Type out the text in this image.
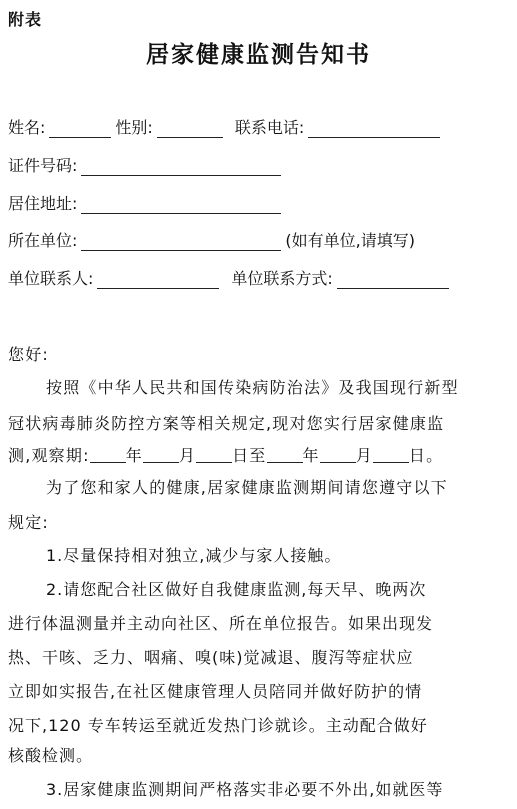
附表
居家健康监测告知书
姓名:	性别:	联系电话:
证件号码:
居住地址:
所在单位:	(如有单位,请填写)
单位联系人:	单位联系方式:
您好:
按照《中华人民共和国传染病防治法》及我国现行新型
冠状病毒肺炎防控方案等相关规定,现对您实行居家健康监
测,观察期: 年 月 日至 年 月 日。
为了您和家人的健康,居家健康监测期间请您遵守以下
规定:
1.尽量保持相对独立,减少与家人接触。
2.请您配合社区做好自我健康监测,每天早、晚两次
进行体温测量并主动向社区、所在单位报告。如果出现发
热、干咳、乏力、咽痛、嗅(味)觉减退、腹泻等症状应
立即如实报告,在社区健康管理人员陪同并做好防护的情
况下,120 专车转运至就近发热门诊就诊。主动配合做好
核酸检测。
3.居家健康监测期间严格落实非必要不外出,如就医等
